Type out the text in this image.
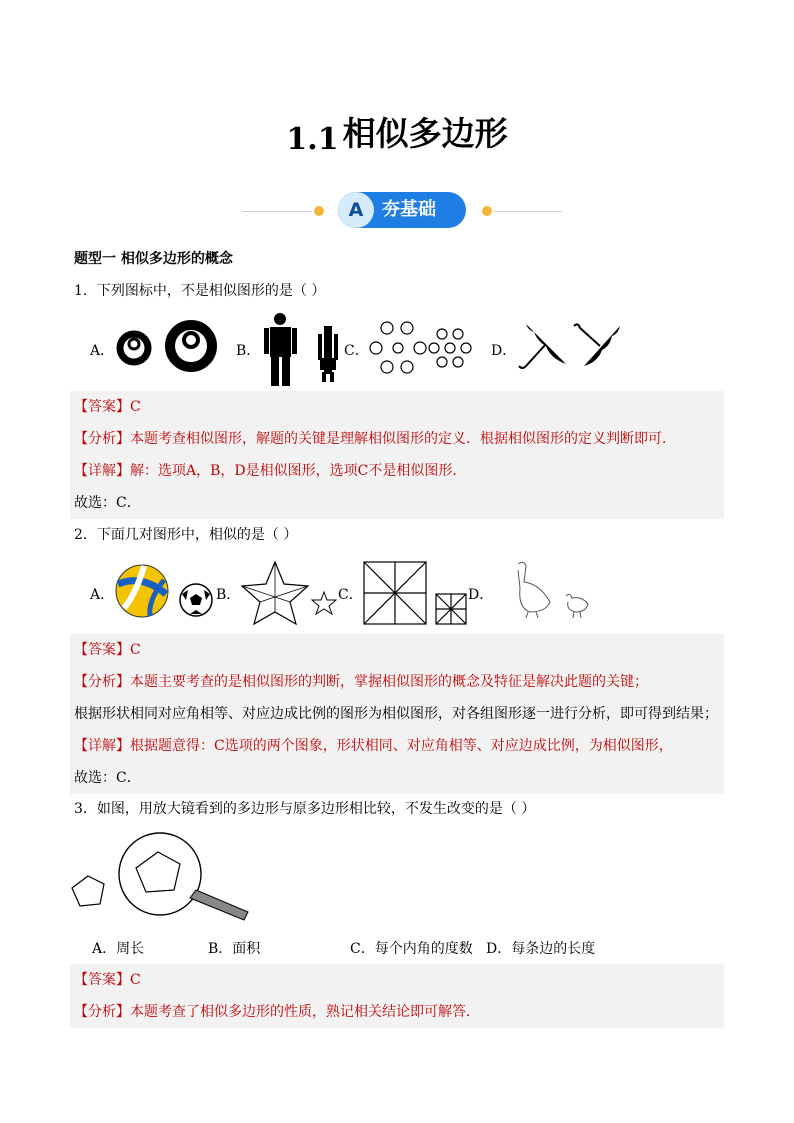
1.1 相似多边形
A	夯基础
题型一 相似多边形的概念
1．下列图标中，不是相似图形的是（ ）
A．	B．	C．	D．
【答案】C
【分析】本题考查相似图形，解题的关键是理解相似图形的定义．根据相似图形的定义判断即可．
【详解】解：选项A，B，D是相似图形，选项C不是相似图形．
故选：C．
2．下面几对图形中，相似的是（ ）
A．	B．	C．	D．
【答案】C
【分析】本题主要考查的是相似图形的判断，掌握相似图形的概念及特征是解决此题的关键；
根据形状相同对应角相等、对应边成比例的图形为相似图形，对各组图形逐一进行分析，即可得到结果；
【详解】根据题意得：C选项的两个图象，形状相同、对应角相等、对应边成比例，为相似图形，
故选：C．
3．如图，用放大镜看到的多边形与原多边形相比较，不发生改变的是（ ）
A．周长	B．面积	C．每个内角的度数 D．每条边的长度
【答案】C
【分析】本题考查了相似多边形的性质，熟记相关结论即可解答．
